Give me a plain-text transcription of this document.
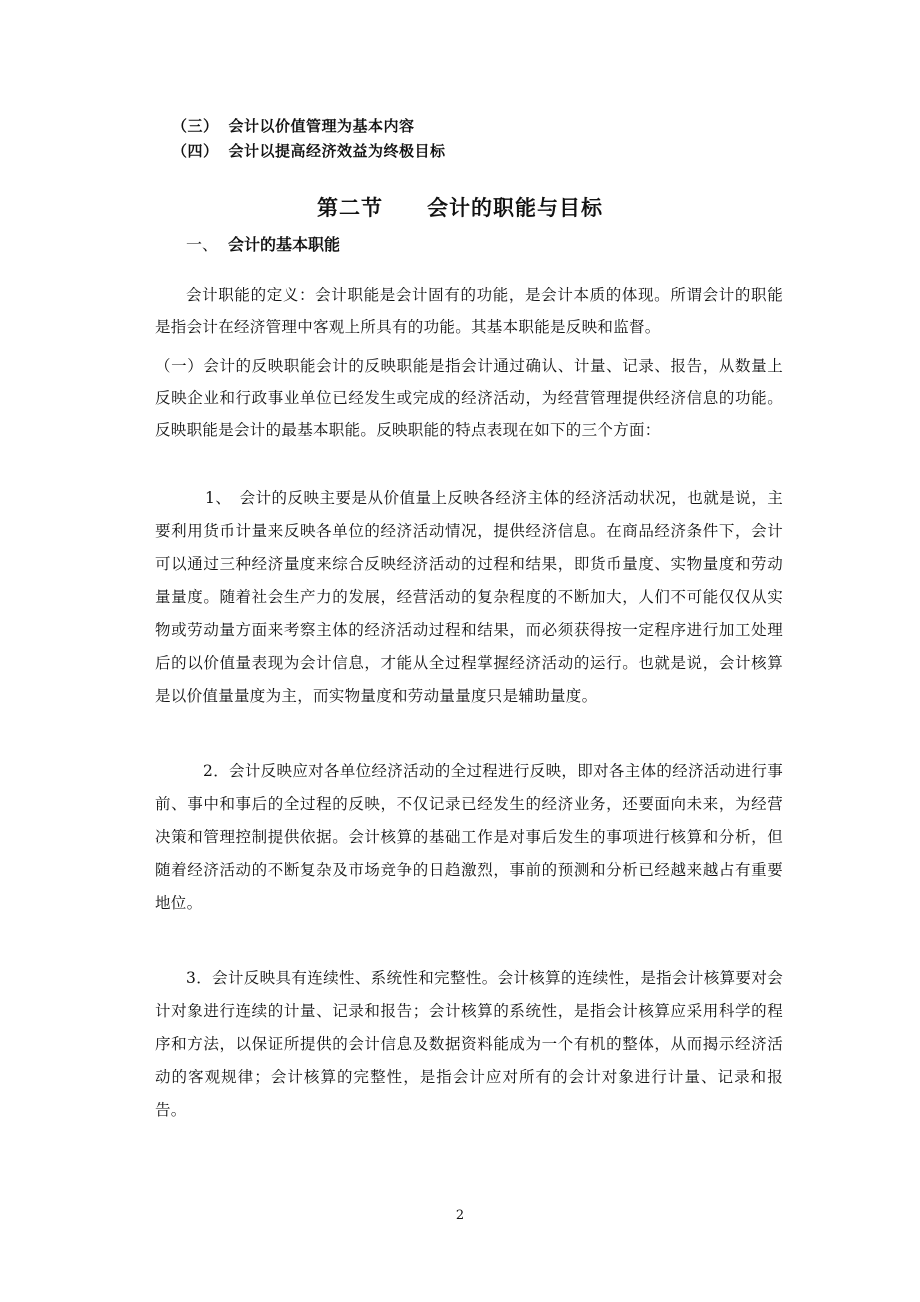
（三） 会计以价值管理为基本内容
（四） 会计以提高经济效益为终极目标
第二节 会计的职能与目标
一、 会计的基本职能

会计职能的定义：会计职能是会计固有的功能，是会计本质的体现。所谓会计的职能是指会计在经济管理中客观上所具有的功能。其基本职能是反映和监督。

（一）会计的反映职能会计的反映职能是指会计通过确认、计量、记录、报告，从数量上反映企业和行政事业单位已经发生或完成的经济活动，为经营管理提供经济信息的功能。反映职能是会计的最基本职能。反映职能的特点表现在如下的三个方面：

1、　会计的反映主要是从价值量上反映各经济主体的经济活动状况，也就是说，主要利用货币计量来反映各单位的经济活动情况，提供经济信息。在商品经济条件下，会计可以通过三种经济量度来综合反映经济活动的过程和结果，即货币量度、实物量度和劳动量量度。随着社会生产力的发展，经营活动的复杂程度的不断加大，人们不可能仅仅从实物或劳动量方面来考察主体的经济活动过程和结果，而必须获得按一定程序进行加工处理后的以价值量表现为会计信息，才能从全过程掌握经济活动的运行。也就是说，会计核算是以价值量量度为主，而实物量度和劳动量量度只是辅助量度。

2．会计反映应对各单位经济活动的全过程进行反映，即对各主体的经济活动进行事前、事中和事后的全过程的反映，不仅记录已经发生的经济业务，还要面向未来，为经营决策和管理控制提供依据。会计核算的基础工作是对事后发生的事项进行核算和分析，但随着经济活动的不断复杂及市场竞争的日趋激烈，事前的预测和分析已经越来越占有重要地位。

3．会计反映具有连续性、系统性和完整性。会计核算的连续性，是指会计核算要对会计对象进行连续的计量、记录和报告；会计核算的系统性，是指会计核算应采用科学的程序和方法，以保证所提供的会计信息及数据资料能成为一个有机的整体，从而揭示经济活动的客观规律；会计核算的完整性，是指会计应对所有的会计对象进行计量、记录和报告。

2
